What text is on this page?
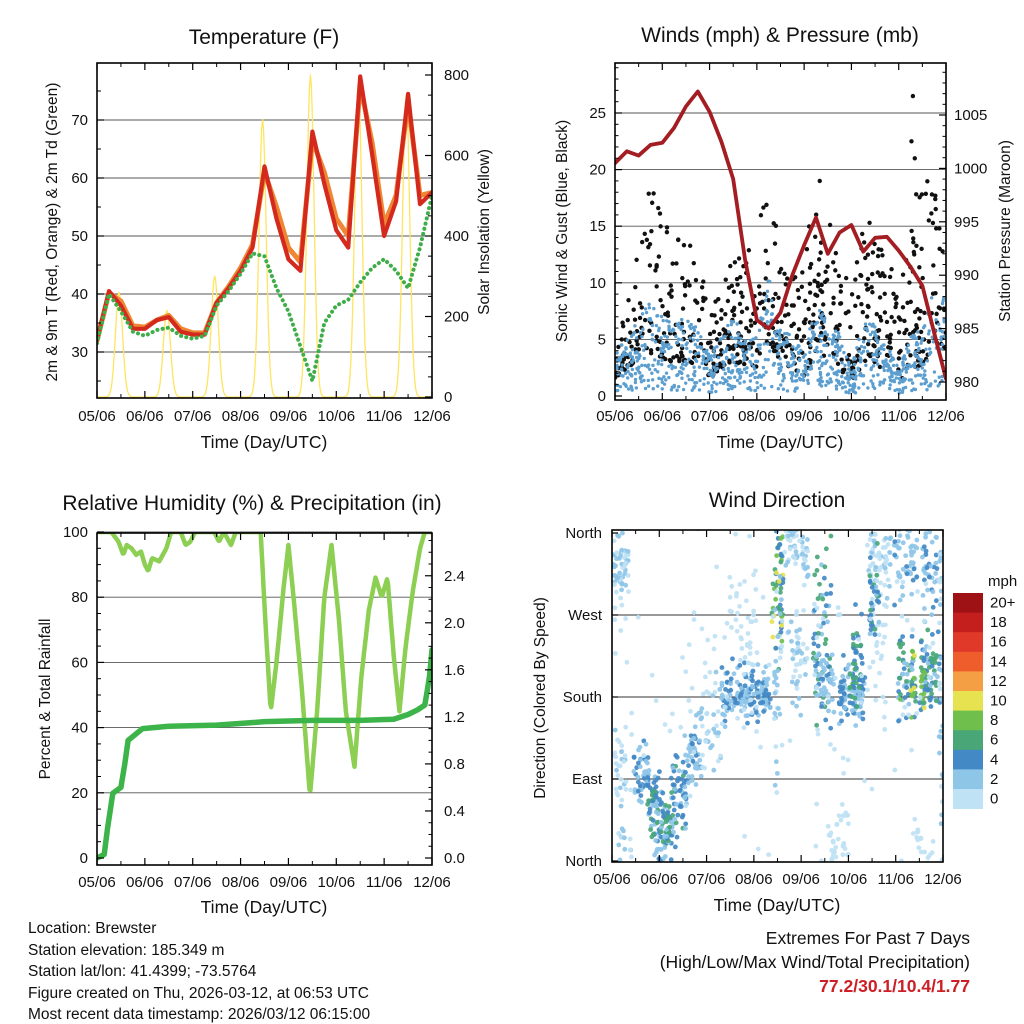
30
40
50
60
70
0
200
400
600
800
05/06 06/06 07/06 08/06 09/06 10/06 11/06 12/06
0
5
10
15
20
25
980
985
990
995
1000
1005
05/06 06/06 07/06 08/06 09/06 10/06 11/06 12/06
0
20
40
60
80
100
0.0
0.4
0.8
1.2
1.6
2.0
2.4
05/06 06/06 07/06 08/06 09/06 10/06 11/06 12/06
North
West
South
East
North
05/06 06/06 07/06 08/06 09/06 10/06 11/06 12/06
20+
18
16
14
12
10
8
6
4
2
0
Temperature (F)
Time (Day/UTC)
2m & 9m T (Red, Orange) & 2m Td (Green)	Solar Insolation (Yellow)
Winds (mph) & Pressure (mb)
Time (Day/UTC)
Sonic Wind & Gust (Blue, Black)	Station Pressure (Maroon)
Relative Humidity (%) & Precipitation (in)
Time (Day/UTC)
Percent & Total Rainfall
Wind Direction
Time (Day/UTC)
Direction (Colored By Speed)
mph
Location: Brewster
Station elevation: 185.349 m
Station lat/lon: 41.4399; -73.5764
Figure created on Thu, 2026-03-12, at 06:53 UTC
Most recent data timestamp: 2026/03/12 06:15:00
Extremes For Past 7 Days
(High/Low/Max Wind/Total Precipitation)
77.2/30.1/10.4/1.77
